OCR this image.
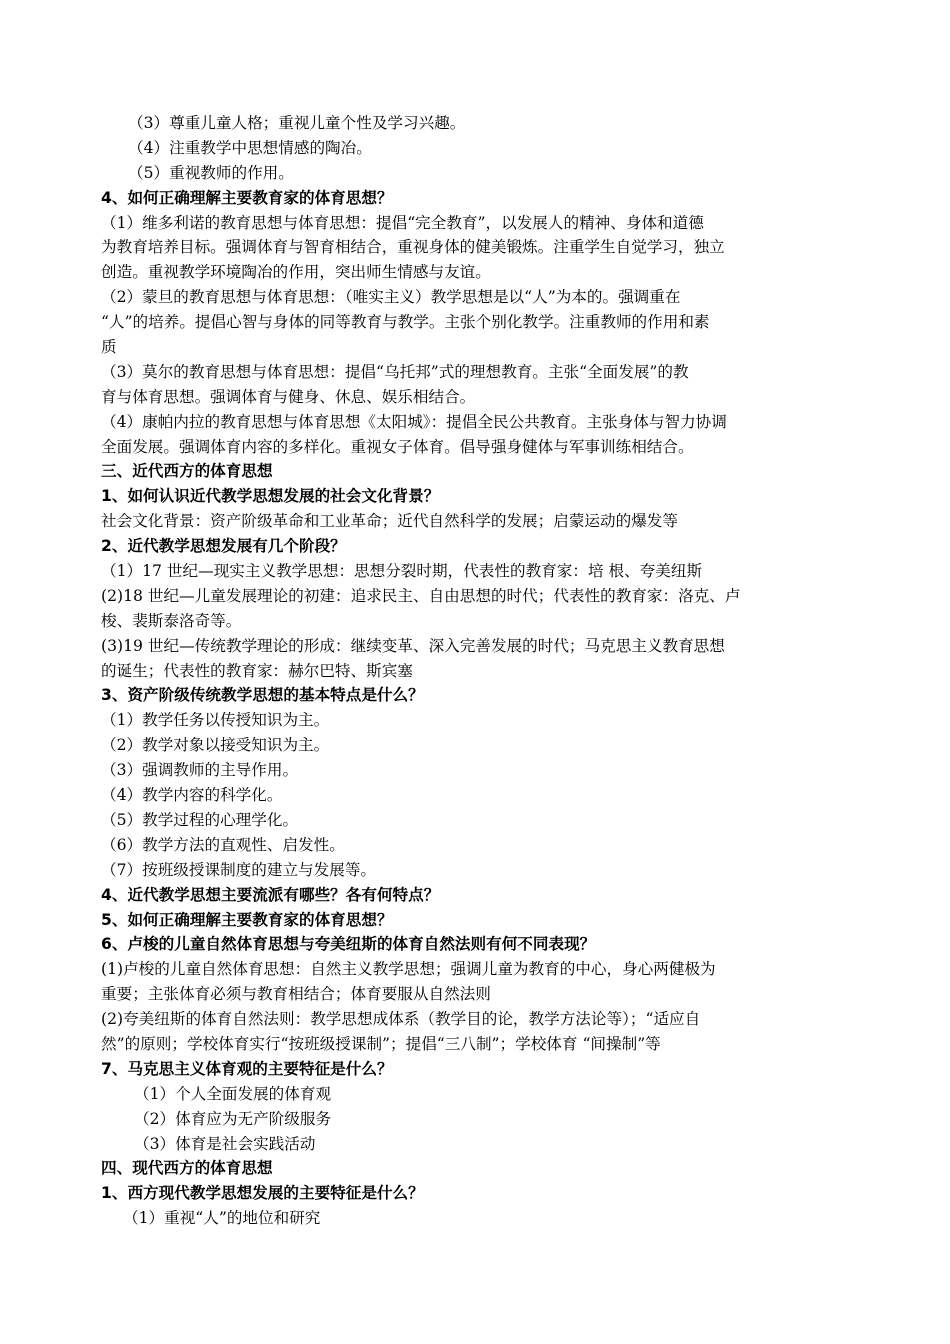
（3）尊重儿童人格；重视儿童个性及学习兴趣。
（4）注重教学中思想情感的陶冶。
（5）重视教师的作用。
4、如何正确理解主要教育家的体育思想？
（1）维多利诺的教育思想与体育思想：提倡“完全教育”，以发展人的精神、身体和道德
为教育培养目标。强调体育与智育相结合，重视身体的健美锻炼。注重学生自觉学习，独立
创造。重视教学环境陶冶的作用，突出师生情感与友谊。
（2）蒙旦的教育思想与体育思想：（唯实主义）教学思想是以“人”为本的。强调重在
“人”的培养。提倡心智与身体的同等教育与教学。主张个别化教学。注重教师的作用和素
质
（3）莫尔的教育思想与体育思想：提倡“乌托邦”式的理想教育。主张“全面发展”的教
育与体育思想。强调体育与健身、休息、娱乐相结合。
（4）康帕内拉的教育思想与体育思想《太阳城》：提倡全民公共教育。主张身体与智力协调
全面发展。强调体育内容的多样化。重视女子体育。倡导强身健体与军事训练相结合。
三、近代西方的体育思想
1、如何认识近代教学思想发展的社会文化背景？
社会文化背景：资产阶级革命和工业革命；近代自然科学的发展；启蒙运动的爆发等
2、近代教学思想发展有几个阶段？
（1）17 世纪—现实主义教学思想：思想分裂时期，代表性的教育家：培 根、夸美纽斯
(2)18 世纪—儿童发展理论的初建：追求民主、自由思想的时代；代表性的教育家：洛克、卢
梭、裴斯泰洛奇等。
(3)19 世纪—传统教学理论的形成：继续变革、深入完善发展的时代；马克思主义教育思想
的诞生；代表性的教育家：赫尔巴特、斯宾塞
3、资产阶级传统教学思想的基本特点是什么？
（1）教学任务以传授知识为主。
（2）教学对象以接受知识为主。
（3）强调教师的主导作用。
（4）教学内容的科学化。
（5）教学过程的心理学化。
（6）教学方法的直观性、启发性。
（7）按班级授课制度的建立与发展等。
4、近代教学思想主要流派有哪些？各有何特点？
5、如何正确理解主要教育家的体育思想？
6、卢梭的儿童自然体育思想与夸美纽斯的体育自然法则有何不同表现？
(1)卢梭的儿童自然体育思想：自然主义教学思想；强调儿童为教育的中心，身心两健极为
重要；主张体育必须与教育相结合；体育要服从自然法则
(2)夸美纽斯的体育自然法则：教学思想成体系（教学目的论，教学方法论等）；“适应自
然”的原则；学校体育实行“按班级授课制”；提倡“三八制”；学校体育 “间操制”等
7、马克思主义体育观的主要特征是什么？
（1）个人全面发展的体育观
（2）体育应为无产阶级服务
（3）体育是社会实践活动
四、现代西方的体育思想
1、西方现代教学思想发展的主要特征是什么？
（1）重视“人”的地位和研究
